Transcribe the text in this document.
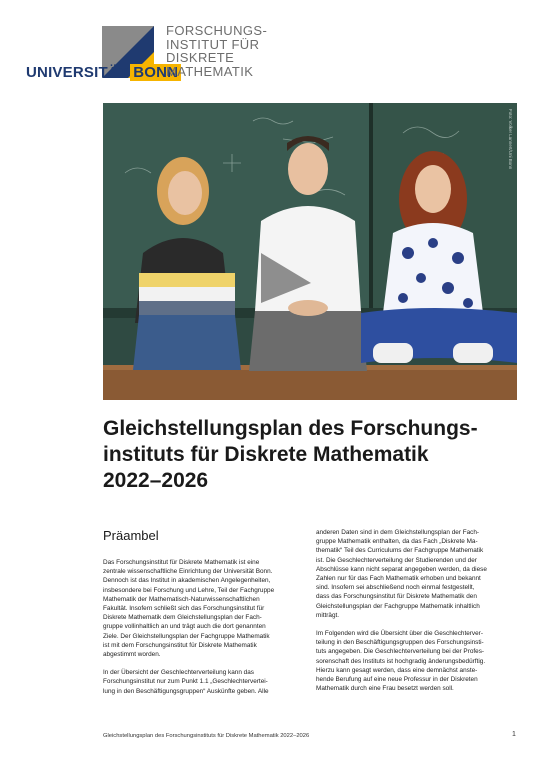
UNIVERSITÄT BONN
FORSCHUNGS-
INSTITUT FÜR
DISKRETE
MATHEMATIK
Foto: Volker Lannert/Uni Bonn
Gleichstellungsplan des Forschungs-
instituts für Diskrete Mathematik
2022–2026
Präambel

Das Forschungsinstitut für Diskrete Mathematik ist eine
zentrale wissenschaftliche Einrichtung der Universität Bonn.
Dennoch ist das Institut in akademischen Angelegenheiten,
insbesondere bei Forschung und Lehre, Teil der Fachgruppe
Mathematik der Mathematisch-Naturwissenschaftlichen
Fakultät. Insofern schließt sich das Forschungsinstitut für
Diskrete Mathematik dem Gleichstellungsplan der Fach-
gruppe vollinhaltlich an und trägt auch die dort genannten
Ziele. Der Gleichstellungsplan der Fachgruppe Mathematik
ist mit dem Forschungsinstitut für Diskrete Mathematik
abgestimmt worden.

In der Übersicht der Geschlechterverteilung kann das
Forschungsinstitut nur zum Punkt 1.1 „Geschlechtervertei-
lung in den Beschäftigungsgruppen“ Auskünfte geben. Alle

anderen Daten sind in dem Gleichstellungsplan der Fach-
gruppe Mathematik enthalten, da das Fach „Diskrete Ma-
thematik“ Teil des Curriculums der Fachgruppe Mathematik
ist. Die Geschlechterverteilung der Studierenden und der
Abschlüsse kann nicht separat angegeben werden, da diese
Zahlen nur für das Fach Mathematik erhoben und bekannt
sind. Insofern sei abschließend noch einmal festgestellt,
dass das Forschungsinstitut für Diskrete Mathematik den
Gleichstellungsplan der Fachgruppe Mathematik inhaltlich
mitträgt.

Im Folgenden wird die Übersicht über die Geschlechterver-
teilung in den Beschäftigungsgruppen des Forschungsinsti-
tuts angegeben. Die Geschlechterverteilung bei der Profes-
sorenschaft des Instituts ist hochgradig änderungsbedürftig.
Hierzu kann gesagt werden, dass eine demnächst anste-
hende Berufung auf eine neue Professur in der Diskreten
Mathematik durch eine Frau besetzt werden soll.

Gleichstellungsplan des Forschungsinstituts für Diskrete Mathematik 2022–2026	1
